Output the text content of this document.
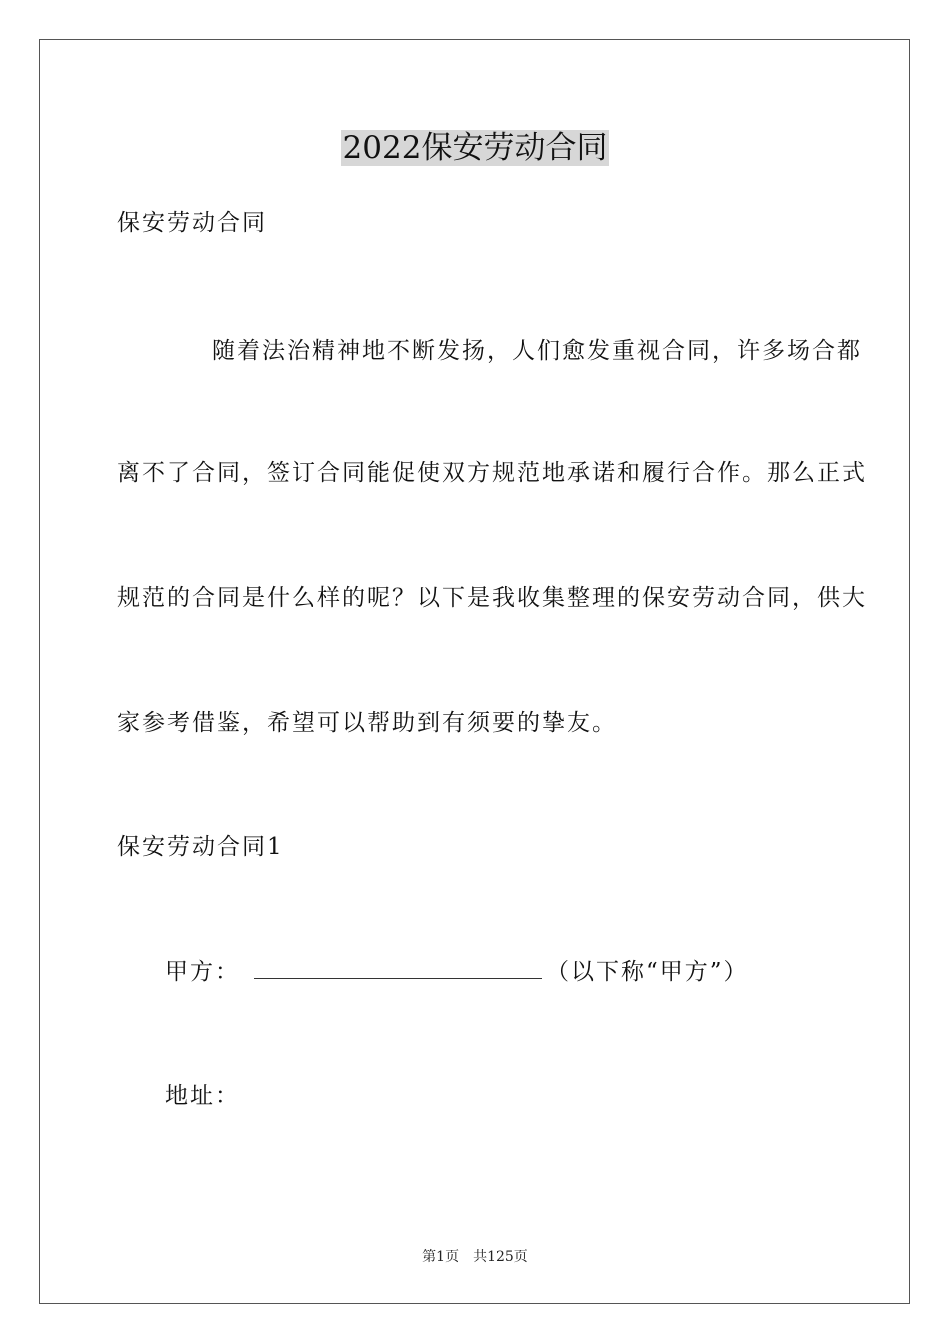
2022保安劳动合同
保安劳动合同
随着法治精神地不断发扬，人们愈发重视合同，许多场合都
离不了合同，签订合同能促使双方规范地承诺和履行合作。那么正式
规范的合同是什么样的呢？以下是我收集整理的保安劳动合同，供大
家参考借鉴，希望可以帮助到有须要的挚友。
保安劳动合同1
甲方：	（以下称“甲方”）
地址：
第1页　共125页
